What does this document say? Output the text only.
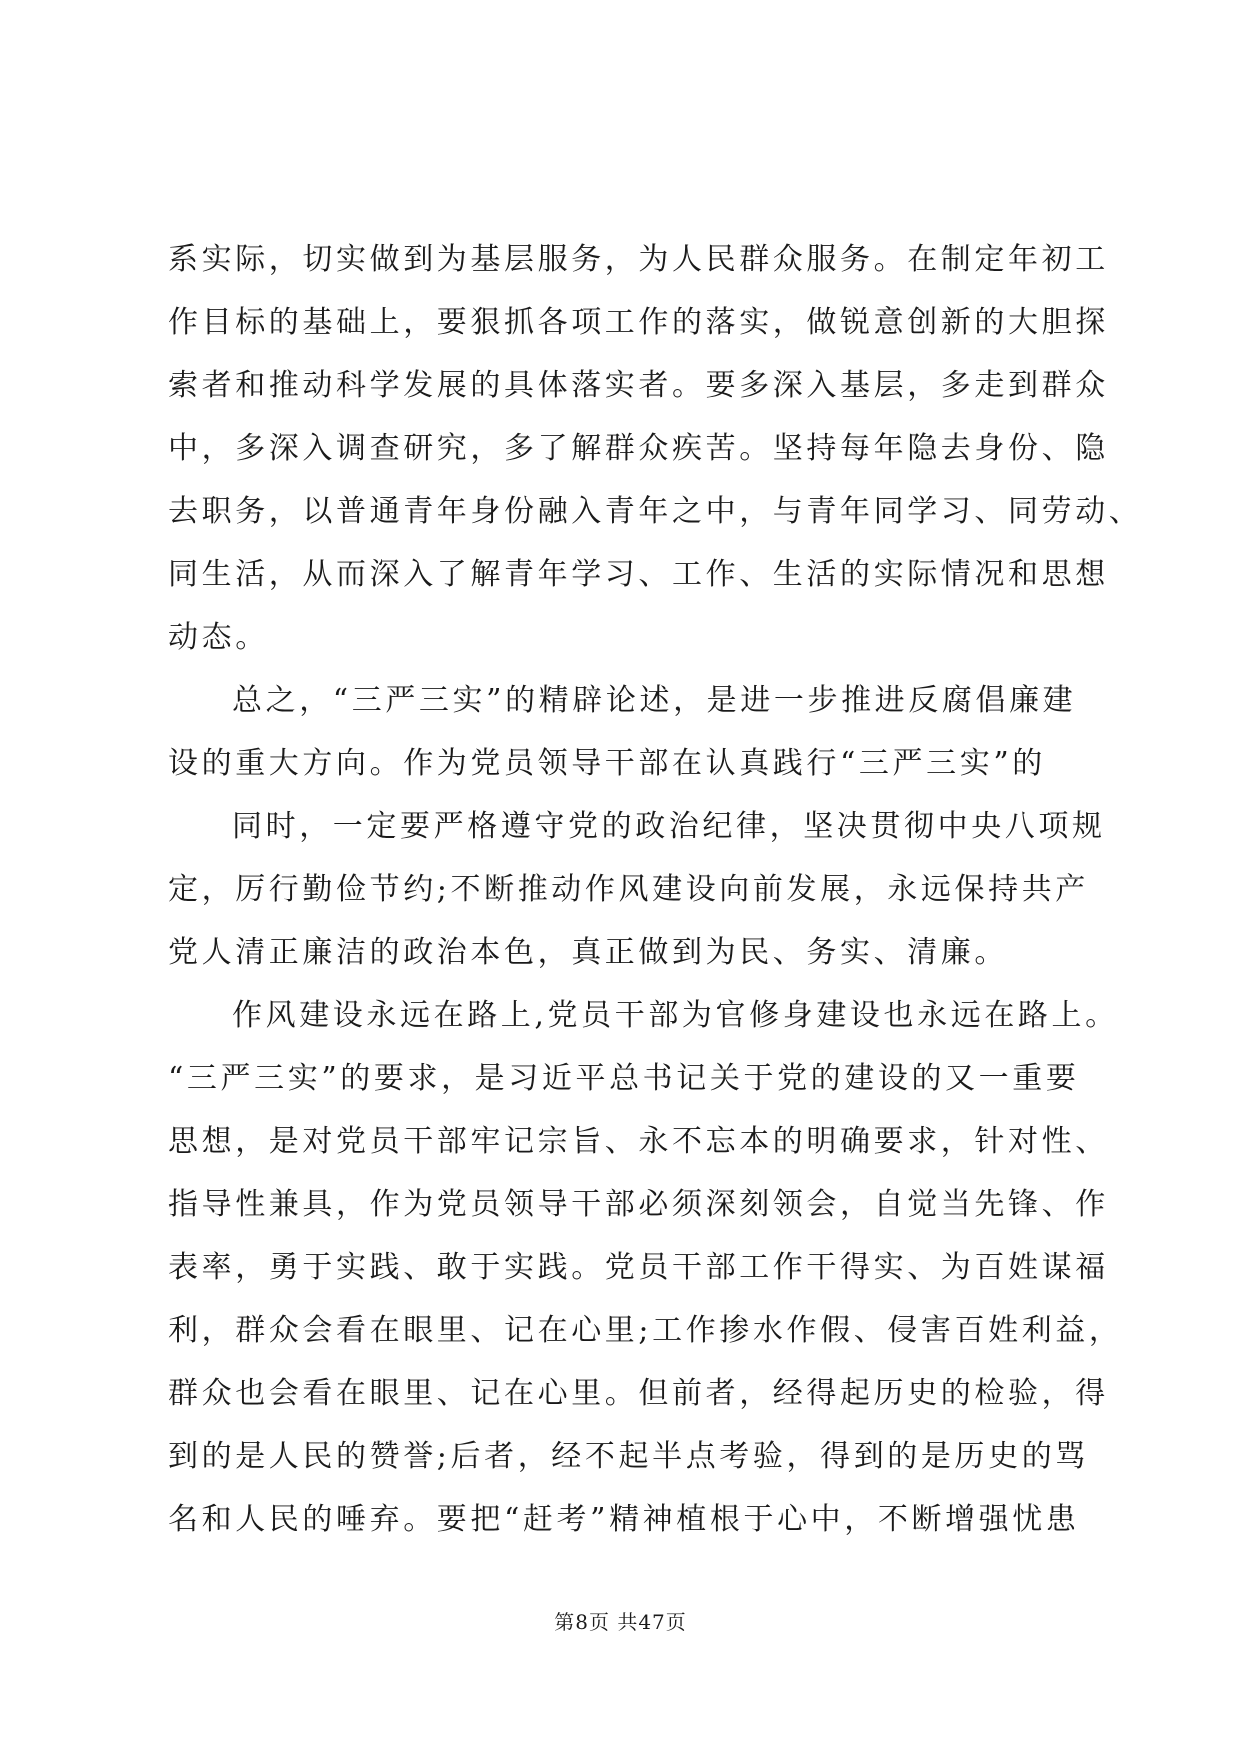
系实际，切实做到为基层服务，为人民群众服务。在制定年初工
作目标的基础上，要狠抓各项工作的落实，做锐意创新的大胆探
索者和推动科学发展的具体落实者。要多深入基层，多走到群众
中，多深入调查研究，多了解群众疾苦。坚持每年隐去身份、隐
去职务，以普通青年身份融入青年之中，与青年同学习、同劳动、
同生活，从而深入了解青年学习、工作、生活的实际情况和思想
动态。
总之，“三严三实”的精辟论述，是进一步推进反腐倡廉建
设的重大方向。作为党员领导干部在认真践行“三严三实”的
同时，一定要严格遵守党的政治纪律，坚决贯彻中央八项规
定，厉行勤俭节约;不断推动作风建设向前发展，永远保持共产
党人清正廉洁的政治本色，真正做到为民、务实、清廉。
作风建设永远在路上,党员干部为官修身建设也永远在路上。
“三严三实”的要求，是习近平总书记关于党的建设的又一重要
思想，是对党员干部牢记宗旨、永不忘本的明确要求，针对性、
指导性兼具，作为党员领导干部必须深刻领会，自觉当先锋、作
表率，勇于实践、敢于实践。党员干部工作干得实、为百姓谋福
利，群众会看在眼里、记在心里;工作掺水作假、侵害百姓利益，
群众也会看在眼里、记在心里。但前者，经得起历史的检验，得
到的是人民的赞誉;后者，经不起半点考验，得到的是历史的骂
名和人民的唾弃。要把“赶考”精神植根于心中，不断增强忧患
第8页 共47页
